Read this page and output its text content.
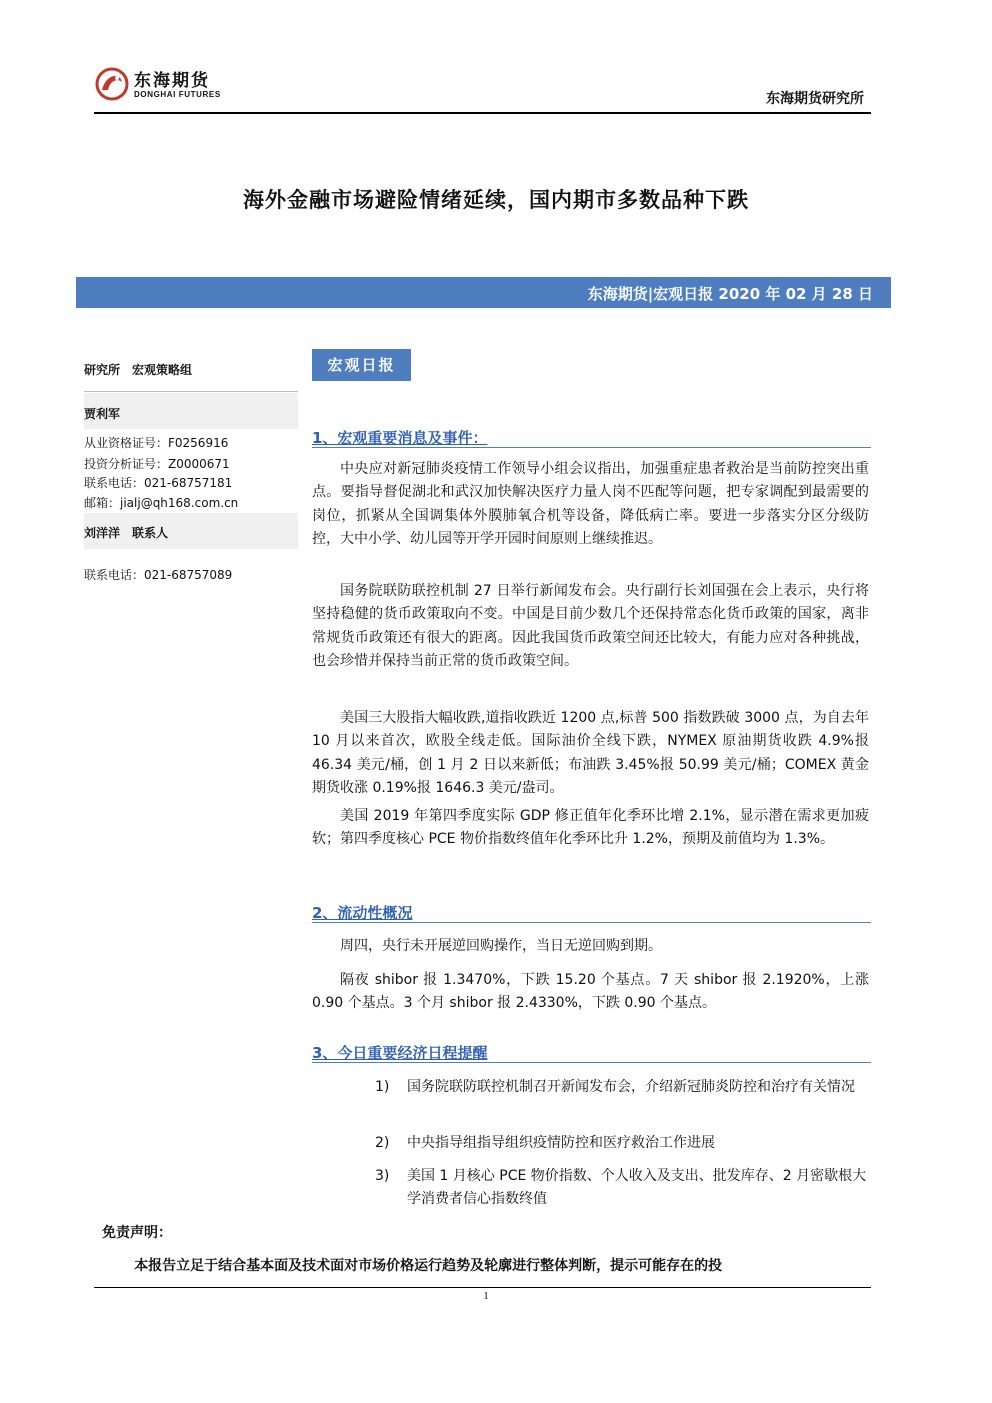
东海期货
DONGHAI FUTURES	东海期货研究所
海外金融市场避险情绪延续，国内期市多数品种下跌
东海期货|宏观日报 2020 年 02 月 28 日
研究所　宏观策略组
贾利军
从业资格证号：F0256916
投资分析证号：Z0000671
联系电话：021-68757181
邮箱：jialj@qh168.com.cn
刘洋洋　联系人
联系电话：021-68757089
宏观日报
1、宏观重要消息及事件：

中央应对新冠肺炎疫情工作领导小组会议指出，加强重症患者救治是当前防控突出重点。要指导督促湖北和武汉加快解决医疗力量人岗不匹配等问题，把专家调配到最需要的岗位，抓紧从全国调集体外膜肺氧合机等设备，降低病亡率。要进一步落实分区分级防控，大中小学、幼儿园等开学开园时间原则上继续推迟。

国务院联防联控机制 27 日举行新闻发布会。央行副行长刘国强在会上表示，央行将坚持稳健的货币政策取向不变。中国是目前少数几个还保持常态化货币政策的国家，离非常规货币政策还有很大的距离。因此我国货币政策空间还比较大，有能力应对各种挑战，也会珍惜并保持当前正常的货币政策空间。

美国三大股指大幅收跌,道指收跌近 1200 点,标普 500 指数跌破 3000 点，为自去年 10 月以来首次，欧股全线走低。国际油价全线下跌，NYMEX 原油期货收跌 4.9%报 46.34 美元/桶，创 1 月 2 日以来新低；布油跌 3.45%报 50.99 美元/桶；COMEX 黄金期货收涨 0.19%报 1646.3 美元/盎司。

美国 2019 年第四季度实际 GDP 修正值年化季环比增 2.1%，显示潜在需求更加疲软；第四季度核心 PCE 物价指数终值年化季环比升 1.2%，预期及前值均为 1.3%。

2、流动性概况

周四，央行未开展逆回购操作，当日无逆回购到期。

隔夜 shibor 报 1.3470%，下跌 15.20 个基点。7 天 shibor 报 2.1920%，上涨 0.90 个基点。3 个月 shibor 报 2.4330%，下跌 0.90 个基点。

3、今日重要经济日程提醒
1) 国务院联防联控机制召开新闻发布会，介绍新冠肺炎防控和治疗有关情况
2) 中央指导组指导组织疫情防控和医疗救治工作进展
3) 美国 1 月核心 PCE 物价指数、个人收入及支出、批发库存、2 月密歇根大学消费者信心指数终值
免责声明：
本报告立足于结合基本面及技术面对市场价格运行趋势及轮廓进行整体判断，提示可能存在的投
1
